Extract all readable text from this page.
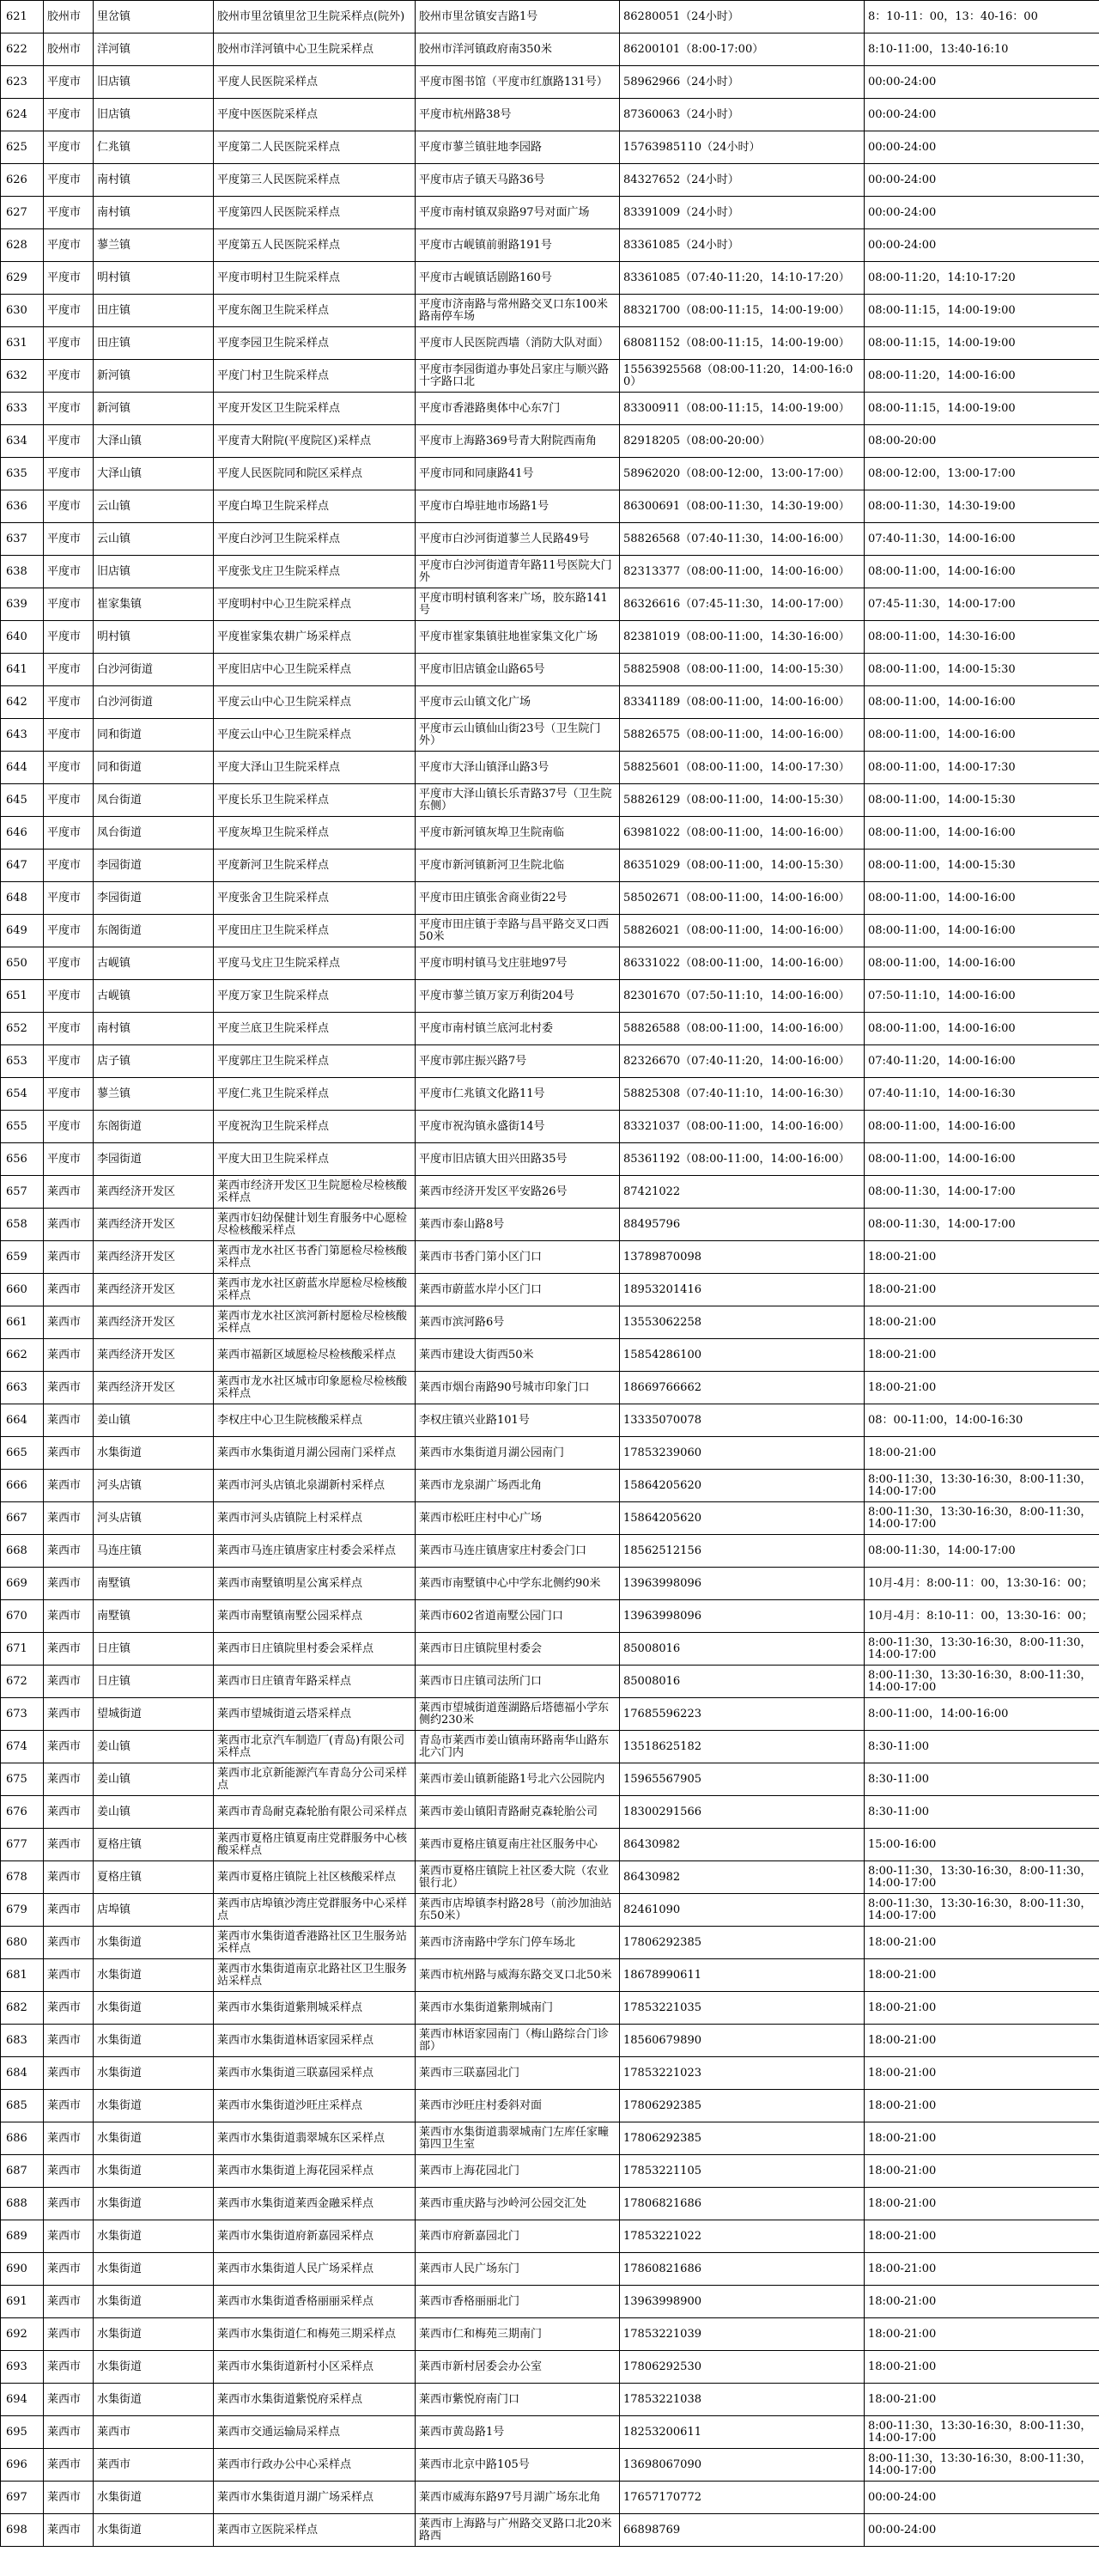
621	胶州市	里岔镇	胶州市里岔镇里岔卫生院采样点(院外)	胶州市里岔镇安吉路1号	86280051（24小时）	8：10-11：00，13：40-16：00
622	胶州市	洋河镇	胶州市洋河镇中心卫生院采样点	胶州市洋河镇政府南350米	86200101（8:00-17:00）	8:10-11:00，13:40-16:10
623	平度市	旧店镇	平度人民医院采样点	平度市图书馆（平度市红旗路131号）	58962966（24小时）	00:00-24:00
624	平度市	旧店镇	平度中医医院采样点	平度市杭州路38号	87360063（24小时）	00:00-24:00
625	平度市	仁兆镇	平度第二人民医院采样点	平度市蓼兰镇驻地李园路	15763985110（24小时）	00:00-24:00
626	平度市	南村镇	平度第三人民医院采样点	平度市店子镇天马路36号	84327652（24小时）	00:00-24:00
627	平度市	南村镇	平度第四人民医院采样点	平度市南村镇双泉路97号对面广场	83391009（24小时）	00:00-24:00
628	平度市	蓼兰镇	平度第五人民医院采样点	平度市古岘镇前驸路191号	83361085（24小时）	00:00-24:00
629	平度市	明村镇	平度市明村卫生院采样点	平度市古岘镇话剧路160号	83361085（07:40-11:20，14:10-17:20）	08:00-11:20，14:10-17:20
630	平度市	田庄镇	平度东阁卫生院采样点	平度市济南路与常州路交叉口东100米路南停车场	88321700（08:00-11:15，14:00-19:00）	08:00-11:15，14:00-19:00
631	平度市	田庄镇	平度李园卫生院采样点	平度市人民医院西墙（消防大队对面）	68081152（08:00-11:15，14:00-19:00）	08:00-11:15，14:00-19:00
632	平度市	新河镇	平度门村卫生院采样点	平度市李园街道办事处吕家庄与顺兴路十字路口北	15563925568（08:00-11:20，14:00-16:00）	08:00-11:20，14:00-16:00
633	平度市	新河镇	平度开发区卫生院采样点	平度市香港路奥体中心东7门	83300911（08:00-11:15，14:00-19:00）	08:00-11:15，14:00-19:00
634	平度市	大泽山镇	平度青大附院(平度院区)采样点	平度市上海路369号青大附院西南角	82918205（08:00-20:00）	08:00-20:00
635	平度市	大泽山镇	平度人民医院同和院区采样点	平度市同和同康路41号	58962020（08:00-12:00，13:00-17:00）	08:00-12:00，13:00-17:00
636	平度市	云山镇	平度白埠卫生院采样点	平度市白埠驻地市场路1号	86300691（08:00-11:30，14:30-19:00）	08:00-11:30，14:30-19:00
637	平度市	云山镇	平度白沙河卫生院采样点	平度市白沙河街道蓼兰人民路49号	58826568（07:40-11:30，14:00-16:00）	07:40-11:30，14:00-16:00
638	平度市	旧店镇	平度张戈庄卫生院采样点	平度市白沙河街道青年路11号医院大门外	82313377（08:00-11:00，14:00-16:00）	08:00-11:00，14:00-16:00
639	平度市	崔家集镇	平度明村中心卫生院采样点	平度市明村镇利客来广场，胶东路141号	86326616（07:45-11:30，14:00-17:00）	07:45-11:30，14:00-17:00
640	平度市	明村镇	平度崔家集农耕广场采样点	平度市崔家集镇驻地崔家集文化广场	82381019（08:00-11:00，14:30-16:00）	08:00-11:00，14:30-16:00
641	平度市	白沙河街道	平度旧店中心卫生院采样点	平度市旧店镇金山路65号	58825908（08:00-11:00，14:00-15:30）	08:00-11:00，14:00-15:30
642	平度市	白沙河街道	平度云山中心卫生院采样点	平度市云山镇文化广场	83341189（08:00-11:00，14:00-16:00）	08:00-11:00，14:00-16:00
643	平度市	同和街道	平度云山中心卫生院采样点	平度市云山镇仙山街23号（卫生院门外）	58826575（08:00-11:00，14:00-16:00）	08:00-11:00，14:00-16:00
644	平度市	同和街道	平度大泽山卫生院采样点	平度市大泽山镇泽山路3号	58825601（08:00-11:00，14:00-17:30）	08:00-11:00，14:00-17:30
645	平度市	凤台街道	平度长乐卫生院采样点	平度市大泽山镇长乐青路37号（卫生院东侧）	58826129（08:00-11:00，14:00-15:30）	08:00-11:00，14:00-15:30
646	平度市	凤台街道	平度灰埠卫生院采样点	平度市新河镇灰埠卫生院南临	63981022（08:00-11:00，14:00-16:00）	08:00-11:00，14:00-16:00
647	平度市	李园街道	平度新河卫生院采样点	平度市新河镇新河卫生院北临	86351029（08:00-11:00，14:00-15:30）	08:00-11:00，14:00-15:30
648	平度市	李园街道	平度张舍卫生院采样点	平度市田庄镇张舍商业街22号	58502671（08:00-11:00，14:00-16:00）	08:00-11:00，14:00-16:00
649	平度市	东阁街道	平度田庄卫生院采样点	平度市田庄镇于幸路与昌平路交叉口西50米	58826021（08:00-11:00，14:00-16:00）	08:00-11:00，14:00-16:00
650	平度市	古岘镇	平度马戈庄卫生院采样点	平度市明村镇马戈庄驻地97号	86331022（08:00-11:00，14:00-16:00）	08:00-11:00，14:00-16:00
651	平度市	古岘镇	平度万家卫生院采样点	平度市蓼兰镇万家万利街204号	82301670（07:50-11:10，14:00-16:00）	07:50-11:10，14:00-16:00
652	平度市	南村镇	平度兰底卫生院采样点	平度市南村镇兰底河北村委	58826588（08:00-11:00，14:00-16:00）	08:00-11:00，14:00-16:00
653	平度市	店子镇	平度郭庄卫生院采样点	平度市郭庄振兴路7号	82326670（07:40-11:20，14:00-16:00）	07:40-11:20，14:00-16:00
654	平度市	蓼兰镇	平度仁兆卫生院采样点	平度市仁兆镇文化路11号	58825308（07:40-11:10，14:00-16:30）	07:40-11:10，14:00-16:30
655	平度市	东阁街道	平度祝沟卫生院采样点	平度市祝沟镇永盛街14号	83321037（08:00-11:00，14:00-16:00）	08:00-11:00，14:00-16:00
656	平度市	李园街道	平度大田卫生院采样点	平度市旧店镇大田兴田路35号	85361192（08:00-11:00，14:00-16:00）	08:00-11:00，14:00-16:00
657	莱西市	莱西经济开发区	莱西市经济开发区卫生院愿检尽检核酸采样点	莱西市经济开发区平安路26号	87421022	08:00-11:30，14:00-17:00
658	莱西市	莱西经济开发区	莱西市妇幼保健计划生育服务中心愿检尽检核酸采样点	莱西市泰山路8号	88495796	08:00-11:30，14:00-17:00
659	莱西市	莱西经济开发区	莱西市龙水社区书香门第愿检尽检核酸采样点	莱西市书香门第小区门口	13789870098	18:00-21:00
660	莱西市	莱西经济开发区	莱西市龙水社区蔚蓝水岸愿检尽检核酸采样点	莱西市蔚蓝水岸小区门口	18953201416	18:00-21:00
661	莱西市	莱西经济开发区	莱西市龙水社区滨河新村愿检尽检核酸采样点	莱西市滨河路6号	13553062258	18:00-21:00
662	莱西市	莱西经济开发区	莱西市福新区域愿检尽检核酸采样点	莱西市建设大街西50米	15854286100	18:00-21:00
663	莱西市	莱西经济开发区	莱西市龙水社区城市印象愿检尽检核酸采样点	莱西市烟台南路90号城市印象门口	18669766662	18:00-21:00
664	莱西市	姜山镇	李权庄中心卫生院核酸采样点	李权庄镇兴业路101号	13335070078	08：00-11:00，14:00-16:30
665	莱西市	水集街道	莱西市水集街道月湖公园南门采样点	莱西市水集街道月湖公园南门	17853239060	18:00-21:00
666	莱西市	河头店镇	莱西市河头店镇北泉湖新村采样点	莱西市龙泉湖广场西北角	15864205620	8:00-11:30，13:30-16:30，8:00-11:30，14:00-17:00
667	莱西市	河头店镇	莱西市河头店镇院上村采样点	莱西市松旺庄村中心广场	15864205620	8:00-11:30，13:30-16:30，8:00-11:30，14:00-17:00
668	莱西市	马连庄镇	莱西市马连庄镇唐家庄村委会采样点	莱西市马连庄镇唐家庄村委会门口	18562512156	08:00-11:30，14:00-17:00
669	莱西市	南墅镇	莱西市南墅镇明星公寓采样点	莱西市南墅镇中心中学东北侧约90米	13963998096	10月-4月：8:00-11：00，13:30-16：00；
670	莱西市	南墅镇	莱西市南墅镇南墅公园采样点	莱西市602省道南墅公园门口	13963998096	10月-4月：8:10-11：00，13:30-16：00；
671	莱西市	日庄镇	莱西市日庄镇院里村委会采样点	莱西市日庄镇院里村委会	85008016	8:00-11:30，13:30-16:30，8:00-11:30，14:00-17:00
672	莱西市	日庄镇	莱西市日庄镇青年路采样点	莱西市日庄镇司法所门口	85008016	8:00-11:30，13:30-16:30，8:00-11:30，14:00-17:00
673	莱西市	望城街道	莱西市望城街道云塔采样点	莱西市望城街道莲湖路后塔德福小学东侧约230米	17685596223	8:00-11:00，14:00-16:00
674	莱西市	姜山镇	莱西市北京汽车制造厂(青岛)有限公司采样点	青岛市莱西市姜山镇南环路南华山路东北六门内	13518625182	8:30-11:00
675	莱西市	姜山镇	莱西市北京新能源汽车青岛分公司采样点	莱西市姜山镇新能路1号北六公园院内	15965567905	8:30-11:00
676	莱西市	姜山镇	莱西市青岛耐克森轮胎有限公司采样点	莱西市姜山镇阳青路耐克森轮胎公司	18300291566	8:30-11:00
677	莱西市	夏格庄镇	莱西市夏格庄镇夏南庄党群服务中心核酸采样点	莱西市夏格庄镇夏南庄社区服务中心	86430982	15:00-16:00
678	莱西市	夏格庄镇	莱西市夏格庄镇院上社区核酸采样点	莱西市夏格庄镇院上社区委大院（农业银行北）	86430982	8:00-11:30，13:30-16:30，8:00-11:30，14:00-17:00
679	莱西市	店埠镇	莱西市店埠镇沙湾庄党群服务中心采样点	莱西市店埠镇李村路28号（前沙加油站东50米）	82461090	8:00-11:30，13:30-16:30，8:00-11:30，14:00-17:00
680	莱西市	水集街道	莱西市水集街道香港路社区卫生服务站采样点	莱西市济南路中学东门停车场北	17806292385	18:00-21:00
681	莱西市	水集街道	莱西市水集街道南京北路社区卫生服务站采样点	莱西市杭州路与威海东路交叉口北50米	18678990611	18:00-21:00
682	莱西市	水集街道	莱西市水集街道紫荆城采样点	莱西市水集街道紫荆城南门	17853221035	18:00-21:00
683	莱西市	水集街道	莱西市水集街道林语家园采样点	莱西市林语家园南门（梅山路综合门诊部）	18560679890	18:00-21:00
684	莱西市	水集街道	莱西市水集街道三联嘉园采样点	莱西市三联嘉园北门	17853221023	18:00-21:00
685	莱西市	水集街道	莱西市水集街道沙旺庄采样点	莱西市沙旺庄村委斜对面	17806292385	18:00-21:00
686	莱西市	水集街道	莱西市水集街道翡翠城东区采样点	莱西市水集街道翡翠城南门左库任家疃第四卫生室	17806292385	18:00-21:00
687	莱西市	水集街道	莱西市水集街道上海花园采样点	莱西市上海花园北门	17853221105	18:00-21:00
688	莱西市	水集街道	莱西市水集街道莱西金融采样点	莱西市重庆路与沙岭河公园交汇处	17806821686	18:00-21:00
689	莱西市	水集街道	莱西市水集街道府新嘉园采样点	莱西市府新嘉园北门	17853221022	18:00-21:00
690	莱西市	水集街道	莱西市水集街道人民广场采样点	莱西市人民广场东门	17860821686	18:00-21:00
691	莱西市	水集街道	莱西市水集街道香格丽丽采样点	莱西市香格丽丽北门	13963998900	18:00-21:00
692	莱西市	水集街道	莱西市水集街道仁和梅苑三期采样点	莱西市仁和梅苑三期南门	17853221039	18:00-21:00
693	莱西市	水集街道	莱西市水集街道新村小区采样点	莱西市新村居委会办公室	17806292530	18:00-21:00
694	莱西市	水集街道	莱西市水集街道紫悦府采样点	莱西市紫悦府南门口	17853221038	18:00-21:00
695	莱西市	莱西市	莱西市交通运输局采样点	莱西市黄岛路1号	18253200611	8:00-11:30，13:30-16:30，8:00-11:30，14:00-17:00
696	莱西市	莱西市	莱西市行政办公中心采样点	莱西市北京中路105号	13698067090	8:00-11:30，13:30-16:30，8:00-11:30，14:00-17:00
697	莱西市	水集街道	莱西市水集街道月湖广场采样点	莱西市威海东路97号月湖广场东北角	17657170772	00:00-24:00
698	莱西市	水集街道	莱西市立医院采样点	莱西市上海路与广州路交叉路口北20米路西	66898769	00:00-24:00
